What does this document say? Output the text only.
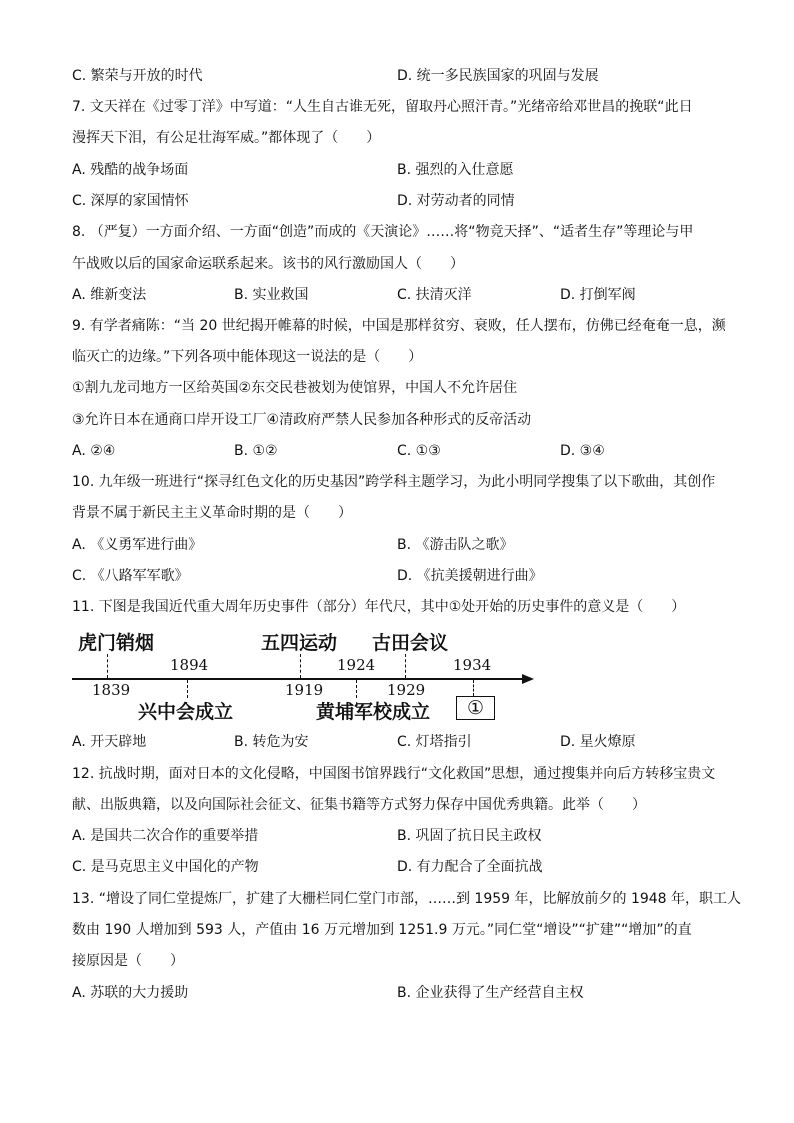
C. 繁荣与开放的时代	D. 统一多民族国家的巩固与发展
7. 文天祥在《过零丁洋》中写道：“人生自古谁无死，留取丹心照汗青。”光绪帝给邓世昌的挽联“此日
漫挥天下泪，有公足壮海军威。”都体现了（　　）
A. 残酷的战争场面	B. 强烈的入仕意愿
C. 深厚的家国情怀	D. 对劳动者的同情
8. （严复）一方面介绍、一方面“创造”而成的《天演论》……将“物竞天择”、“适者生存”等理论与甲
午战败以后的国家命运联系起来。该书的风行激励国人（　　）
A. 维新变法	B. 实业救国	C. 扶清灭洋	D. 打倒军阀
9. 有学者痛陈：“当 20 世纪揭开帷幕的时候，中国是那样贫穷、衰败，任人摆布，仿佛已经奄奄一息，濒
临灭亡的边缘。”下列各项中能体现这一说法的是（　　）
①割九龙司地方一区给英国②东交民巷被划为使馆界，中国人不允许居住
③允许日本在通商口岸开设工厂④清政府严禁人民参加各种形式的反帝活动
A. ②④	B. ①②	C. ①③	D. ③④
10. 九年级一班进行“探寻红色文化的历史基因”跨学科主题学习，为此小明同学搜集了以下歌曲，其创作
背景不属于新民主主义革命时期的是（　　）
A. 《义勇军进行曲》	B. 《游击队之歌》
C. 《八路军军歌》	D. 《抗美援朝进行曲》
11. 下图是我国近代重大周年历史事件（部分）年代尺，其中①处开始的历史事件的意义是（　　）
虎门销烟	五四运动 古田会议
1894	1924	1934
1839	1919	1929
兴中会成立	黄埔军校成立	①
A. 开天辟地	B. 转危为安	C. 灯塔指引	D. 星火燎原
12. 抗战时期，面对日本的文化侵略，中国图书馆界践行“文化救国”思想，通过搜集并向后方转移宝贵文
献、出版典籍，以及向国际社会征文、征集书籍等方式努力保存中国优秀典籍。此举（　　）
A. 是国共二次合作的重要举措	B. 巩固了抗日民主政权
C. 是马克思主义中国化的产物	D. 有力配合了全面抗战
13. “增设了同仁堂提炼厂，扩建了大栅栏同仁堂门市部，……到 1959 年，比解放前夕的 1948 年，职工人
数由 190 人增加到 593 人，产值由 16 万元增加到 1251.9 万元。”同仁堂“增设”“扩建”“增加”的直
接原因是（　　）
A. 苏联的大力援助	B. 企业获得了生产经营自主权
